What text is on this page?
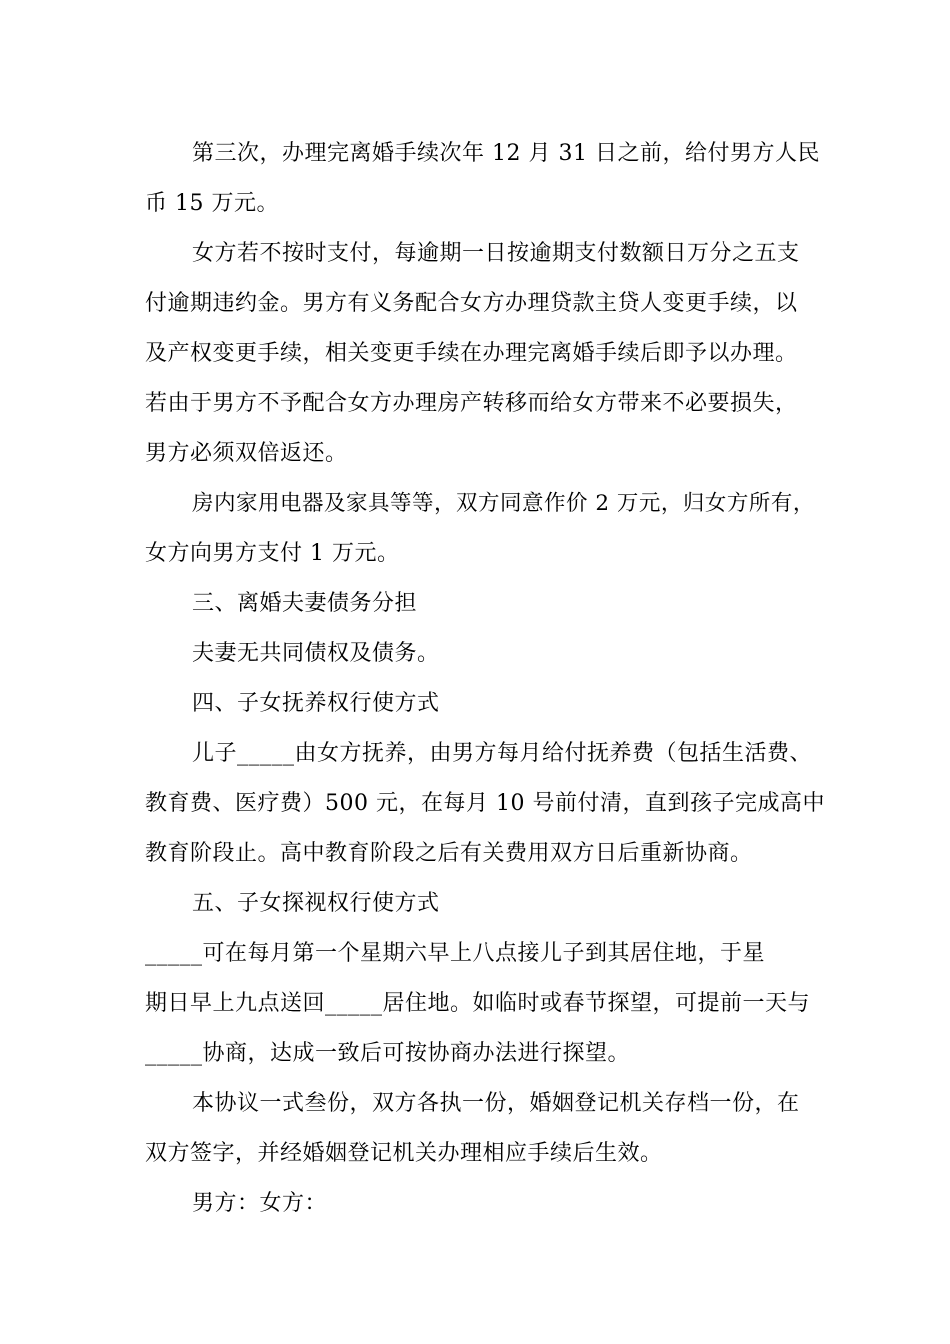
第三次，办理完离婚手续次年 12 月 31 日之前，给付男方人民
币 15 万元。
女方若不按时支付，每逾期一日按逾期支付数额日万分之五支
付逾期违约金。男方有义务配合女方办理贷款主贷人变更手续，以
及产权变更手续，相关变更手续在办理完离婚手续后即予以办理。
若由于男方不予配合女方办理房产转移而给女方带来不必要损失，
男方必须双倍返还。
房内家用电器及家具等等，双方同意作价 2 万元，归女方所有，
女方向男方支付 1 万元。
三、离婚夫妻债务分担
夫妻无共同债权及债务。
四、子女抚养权行使方式
儿子_____由女方抚养，由男方每月给付抚养费（包括生活费、
教育费、医疗费）500 元，在每月 10 号前付清，直到孩子完成高中
教育阶段止。高中教育阶段之后有关费用双方日后重新协商。
五、子女探视权行使方式
_____可在每月第一个星期六早上八点接儿子到其居住地，于星
期日早上九点送回_____居住地。如临时或春节探望，可提前一天与
_____协商，达成一致后可按协商办法进行探望。
本协议一式叁份，双方各执一份，婚姻登记机关存档一份，在
双方签字，并经婚姻登记机关办理相应手续后生效。
男方：女方：
